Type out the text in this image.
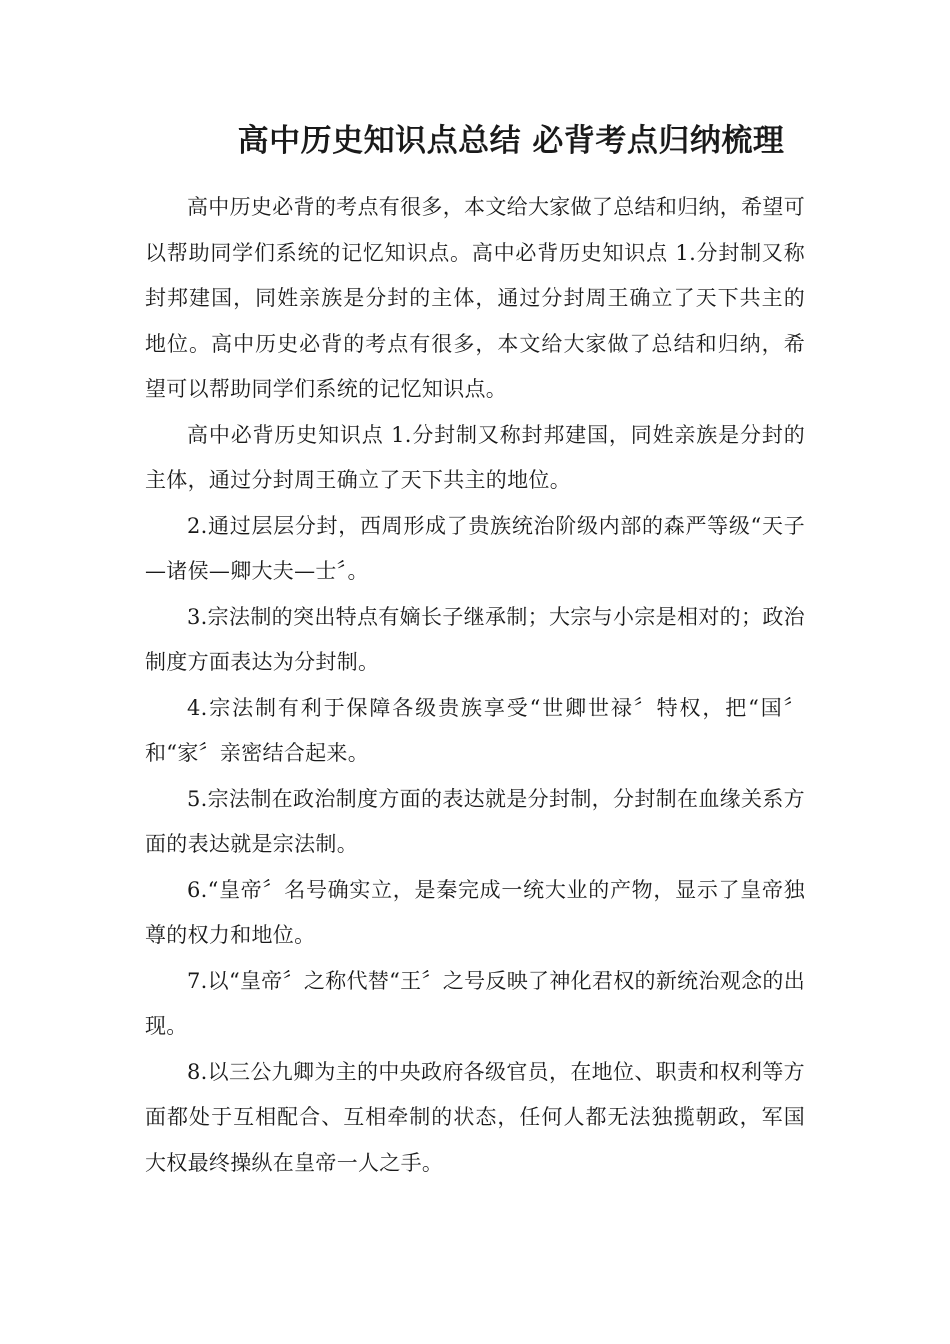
高中历史知识点总结 必背考点归纳梳理

高中历史必背的考点有很多，本文给大家做了总结和归纳，希望可以帮助同学们系统的记忆知识点。高中必背历史知识点 1.分封制又称封邦建国，同姓亲族是分封的主体，通过分封周王确立了天下共主的地位。高中历史必背的考点有很多，本文给大家做了总结和归纳，希望可以帮助同学们系统的记忆知识点。

高中必背历史知识点 1.分封制又称封邦建国，同姓亲族是分封的主体，通过分封周王确立了天下共主的地位。

2.通过层层分封，西周形成了贵族统治阶级内部的森严等级“天子—诸侯—卿大夫—士〞。

3.宗法制的突出特点有嫡长子继承制；大宗与小宗是相对的；政治制度方面表达为分封制。

4.宗法制有利于保障各级贵族享受“世卿世禄〞特权，把“国〞和“家〞亲密结合起来。

5.宗法制在政治制度方面的表达就是分封制，分封制在血缘关系方面的表达就是宗法制。

6.“皇帝〞名号确实立，是秦完成一统大业的产物，显示了皇帝独尊的权力和地位。

7.以“皇帝〞之称代替“王〞之号反映了神化君权的新统治观念的出现。

8.以三公九卿为主的中央政府各级官员，在地位、职责和权利等方面都处于互相配合、互相牵制的状态，任何人都无法独揽朝政，军国大权最终操纵在皇帝一人之手。
